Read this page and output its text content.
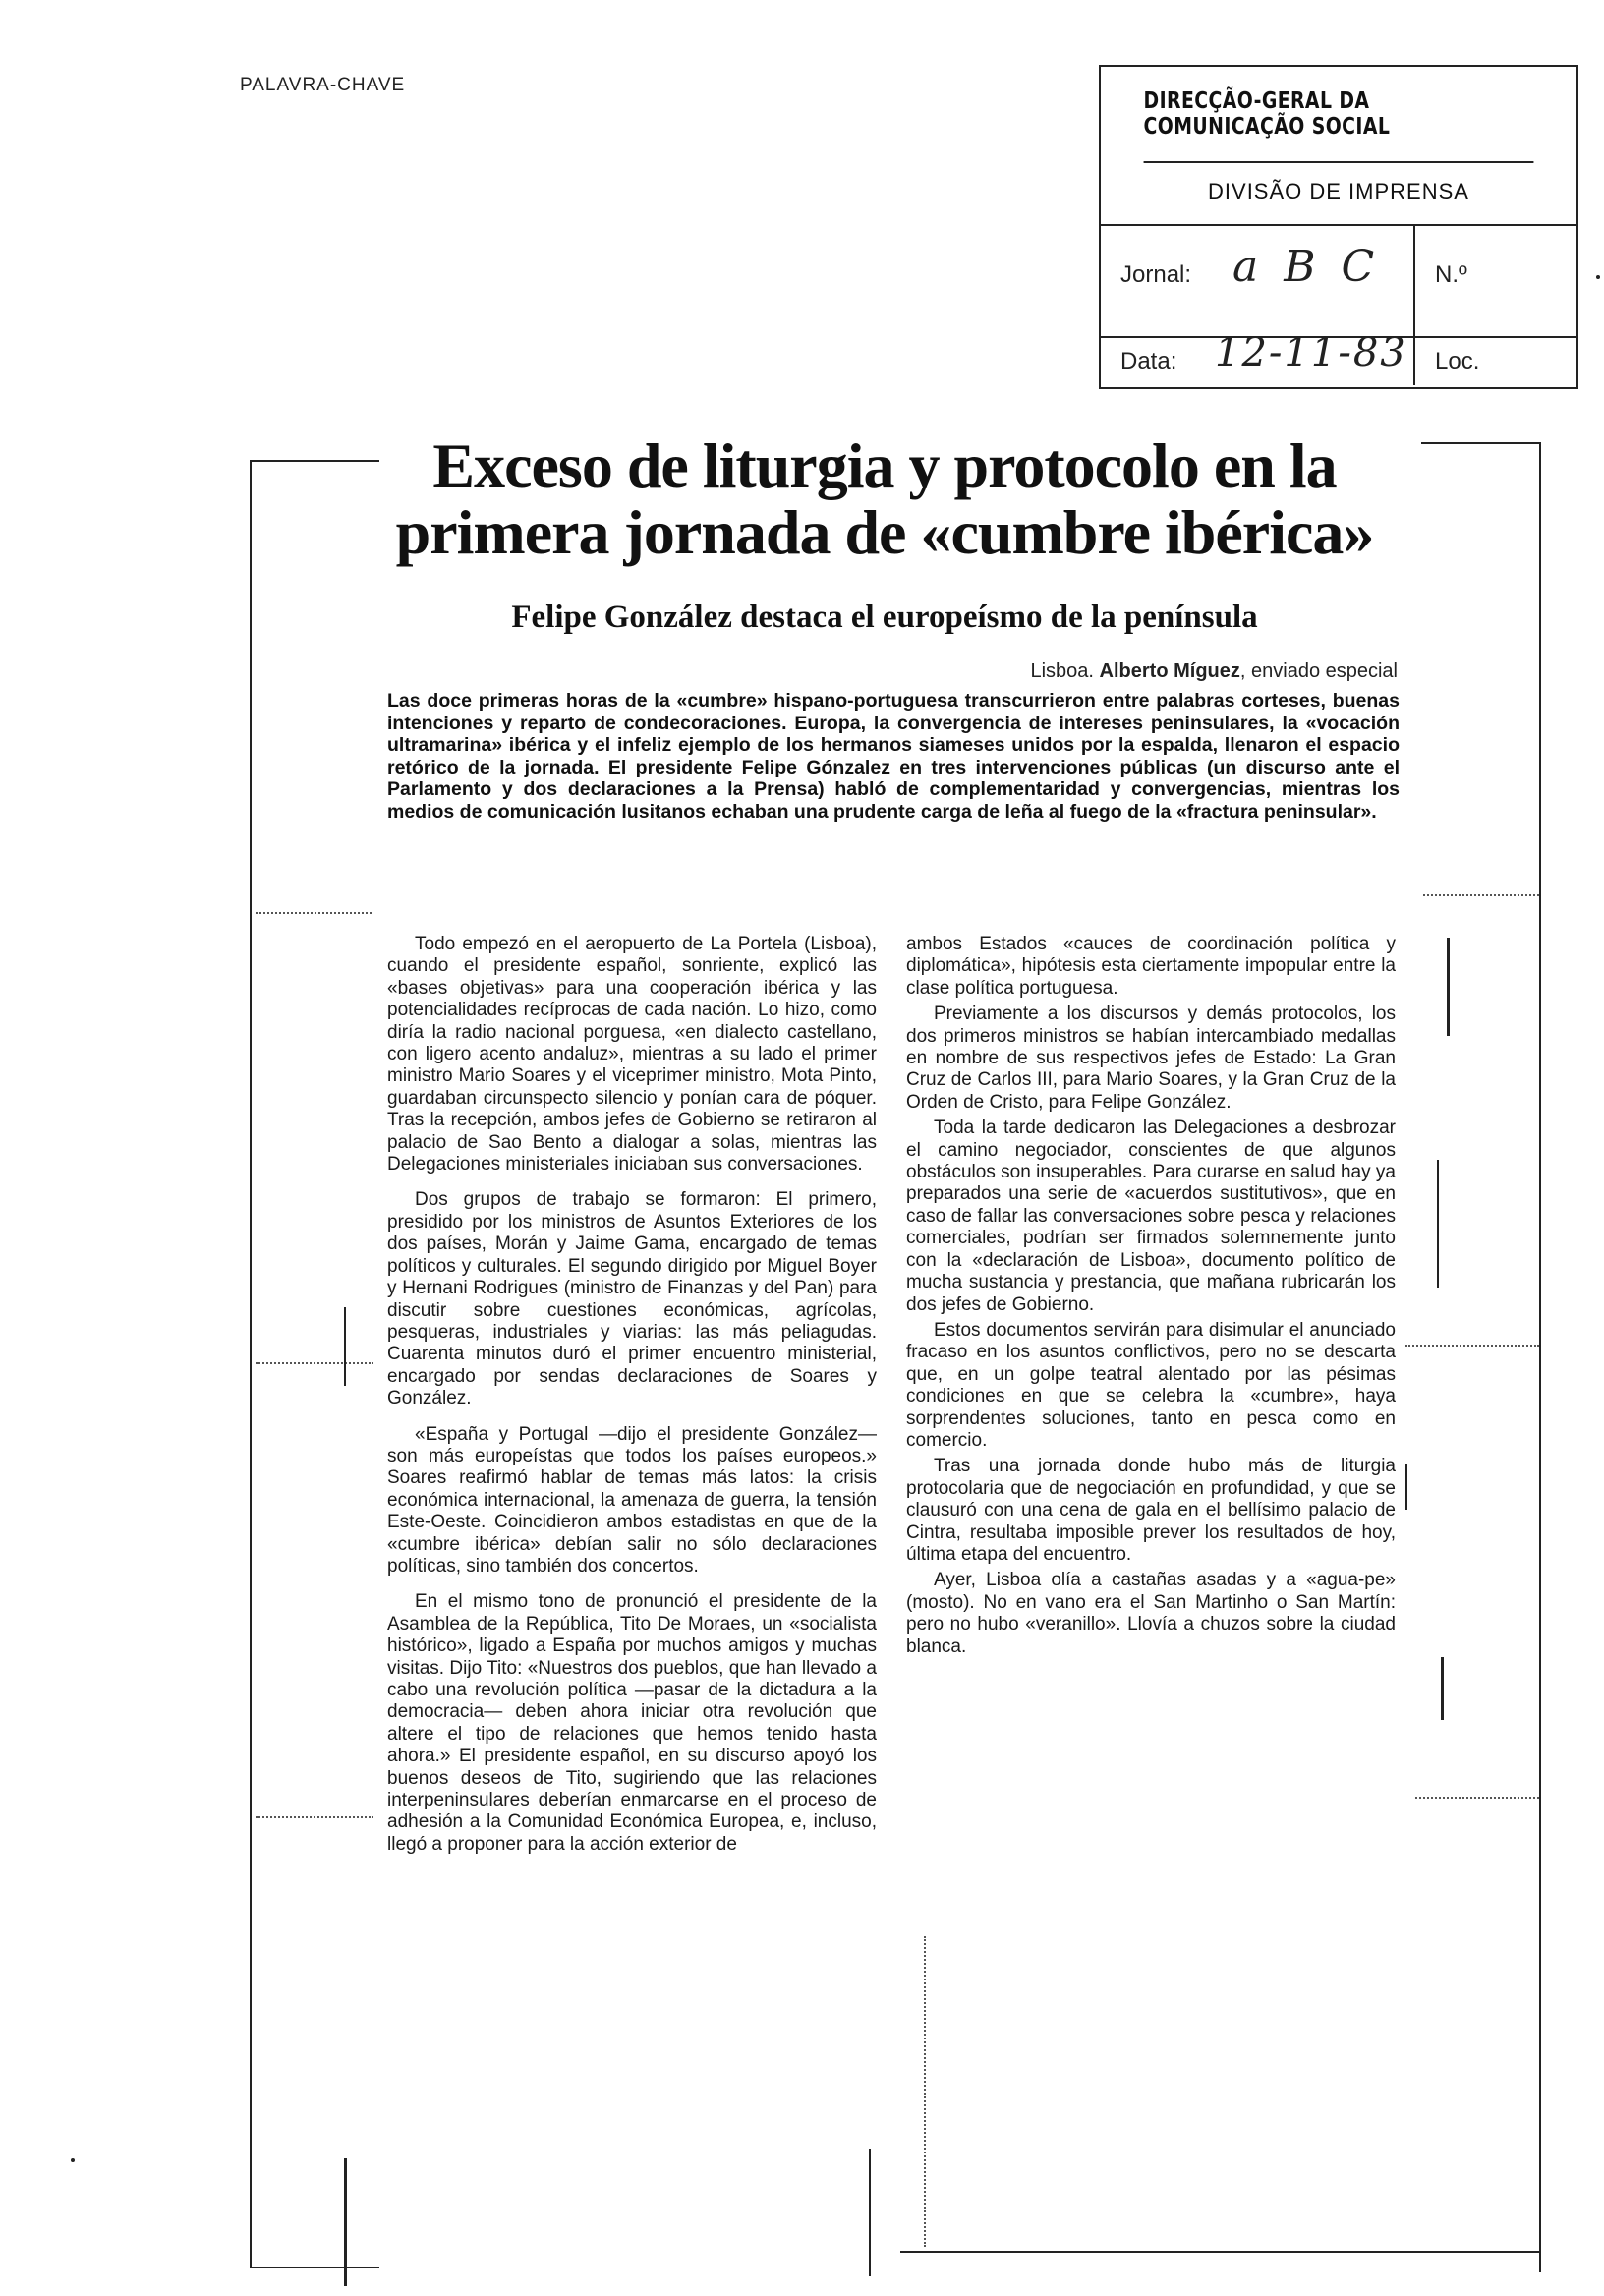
PALAVRA-CHAVE
DIRECÇÃO-GERAL DA COMUNICAÇÃO SOCIAL
DIVISÃO DE IMPRENSA
Jornal: a B C N.º
Data: 12-11-83 Loc.
Exceso de liturgia y protocolo en la primera jornada de «cumbre ibérica»
Felipe González destaca el europeísmo de la península
Lisboa. Alberto Míguez, enviado especial

Las doce primeras horas de la «cumbre» hispano-portuguesa transcurrieron entre palabras corteses, buenas intenciones y reparto de condecoraciones. Europa, la convergencia de intereses peninsulares, la «vocación ultramarina» ibérica y el infeliz ejemplo de los hermanos siameses unidos por la espalda, llenaron el espacio retórico de la jornada. El presidente Felipe Gónzalez en tres intervenciones públicas (un discurso ante el Parlamento y dos declaraciones a la Prensa) habló de complementaridad y convergencias, mientras los medios de comunicación lusitanos echaban una prudente carga de leña al fuego de la «fractura peninsular».

Todo empezó en el aeropuerto de La Portela (Lisboa), cuando el presidente español, sonriente, explicó las «bases objetivas» para una cooperación ibérica y las potencialidades recíprocas de cada nación. Lo hizo, como diría la radio nacional porguesa, «en dialecto castellano, con ligero acento andaluz», mientras a su lado el primer ministro Mario Soares y el viceprimer ministro, Mota Pinto, guardaban circunspecto silencio y ponían cara de póquer. Tras la recepción, ambos jefes de Gobierno se retiraron al palacio de Sao Bento a dialogar a solas, mientras las Delegaciones ministeriales iniciaban sus conversaciones.

Dos grupos de trabajo se formaron: El primero, presidido por los ministros de Asuntos Exteriores de los dos países, Morán y Jaime Gama, encargado de temas políticos y culturales. El segundo dirigido por Miguel Boyer y Hernani Rodrigues (ministro de Finanzas y del Pan) para discutir sobre cuestiones económicas, agrícolas, pesqueras, industriales y viarias: las más peliagudas. Cuarenta minutos duró el primer encuentro ministerial, encargado por sendas declaraciones de Soares y González.

«España y Portugal —dijo el presidente González— son más europeístas que todos los países europeos.» Soares reafirmó hablar de temas más latos: la crisis económica internacional, la amenaza de guerra, la tensión Este-Oeste. Coincidieron ambos estadistas en que de la «cumbre ibérica» debían salir no sólo declaraciones políticas, sino también dos concertos.

En el mismo tono de pronunció el presidente de la Asamblea de la República, Tito De Moraes, un «socialista histórico», ligado a España por muchos amigos y muchas visitas. Dijo Tito: «Nuestros dos pueblos, que han llevado a cabo una revolución política —pasar de la dictadura a la democracia— deben ahora iniciar otra revolución que altere el tipo de relaciones que hemos tenido hasta ahora.» El presidente español, en su discurso apoyó los buenos deseos de Tito, sugiriendo que las relaciones interpeninsulares deberían enmarcarse en el proceso de adhesión a la Comunidad Económica Europea, e, incluso, llegó a proponer para la acción exterior de

ambos Estados «cauces de coordinación política y diplomática», hipótesis esta ciertamente impopular entre la clase política portuguesa.

Previamente a los discursos y demás protocolos, los dos primeros ministros se habían intercambiado medallas en nombre de sus respectivos jefes de Estado: La Gran Cruz de Carlos III, para Mario Soares, y la Gran Cruz de la Orden de Cristo, para Felipe González.

Toda la tarde dedicaron las Delegaciones a desbrozar el camino negociador, conscientes de que algunos obstáculos son insuperables. Para curarse en salud hay ya preparados una serie de «acuerdos sustitutivos», que en caso de fallar las conversaciones sobre pesca y relaciones comerciales, podrían ser firmados solemnemente junto con la «declaración de Lisboa», documento político de mucha sustancia y prestancia, que mañana rubricarán los dos jefes de Gobierno.

Estos documentos servirán para disimular el anunciado fracaso en los asuntos conflictivos, pero no se descarta que, en un golpe teatral alentado por las pésimas condiciones en que se celebra la «cumbre», haya sorprendentes soluciones, tanto en pesca como en comercio.

Tras una jornada donde hubo más de liturgia protocolaria que de negociación en profundidad, y que se clausuró con una cena de gala en el bellísimo palacio de Cintra, resultaba imposible prever los resultados de hoy, última etapa del encuentro.

Ayer, Lisboa olía a castañas asadas y a «agua-pe» (mosto). No en vano era el San Martinho o San Martín: pero no hubo «veranillo». Llovía a chuzos sobre la ciudad blanca.
